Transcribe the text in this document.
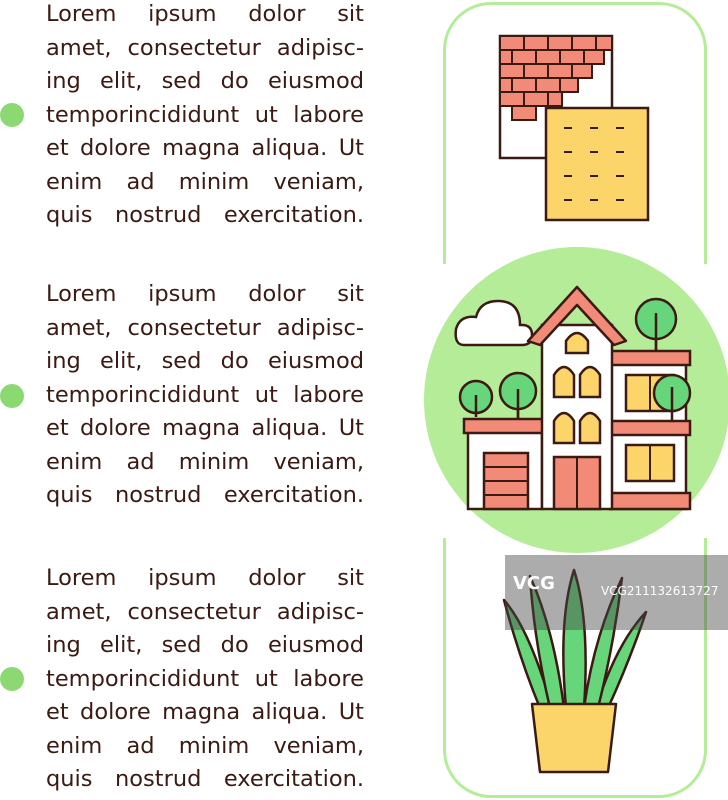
Lorem ipsum dolor sit
amet, consectetur adipisc-
ing elit, sed do eiusmod
temporincididunt ut labore
et dolore magna aliqua. Ut
enim ad minim veniam,
quis nostrud exercitation.
Lorem ipsum dolor sit
amet, consectetur adipisc-
ing elit, sed do eiusmod
temporincididunt ut labore
et dolore magna aliqua. Ut
enim ad minim veniam,
quis nostrud exercitation.
Lorem ipsum dolor sit
amet, consectetur adipisc-
ing elit, sed do eiusmod
temporincididunt ut labore
et dolore magna aliqua. Ut
enim ad minim veniam,
quis nostrud exercitation.
VCG	VCG211132613727
